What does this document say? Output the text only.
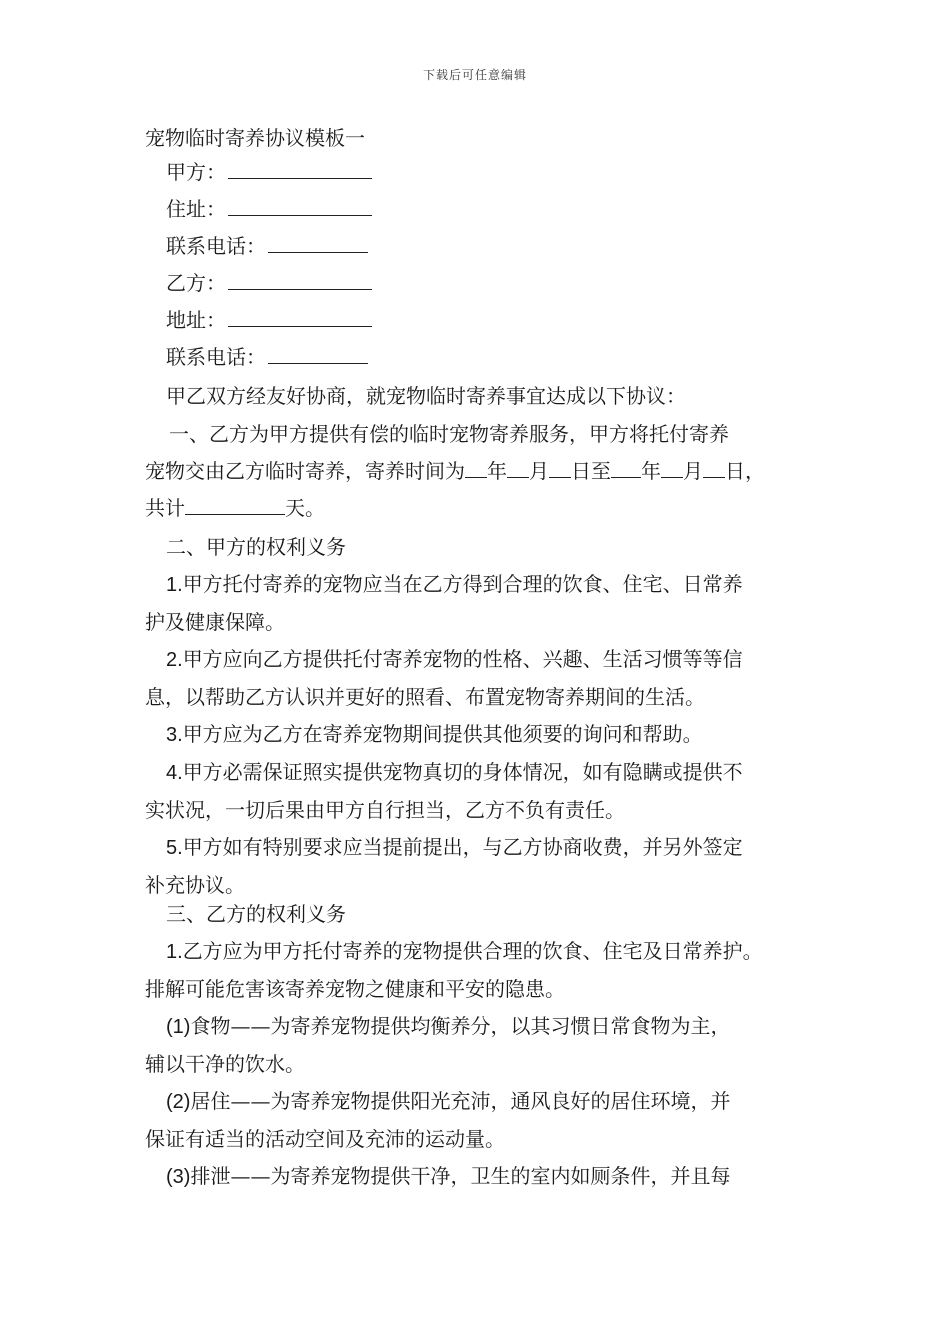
下载后可任意编辑
宠物临时寄养协议模板一
甲方：
住址：
联系电话：
乙方：
地址：
联系电话：
甲乙双方经友好协商，就宠物临时寄养事宜达成以下协议：
一、乙方为甲方提供有偿的临时宠物寄养服务，甲方将托付寄养
宠物交由乙方临时寄养，寄养时间为 年 月 日至 年 月 日，
共计	天。
二、甲方的权利义务
1.甲方托付寄养的宠物应当在乙方得到合理的饮食、住宅、日常养
护及健康保障。
2.甲方应向乙方提供托付寄养宠物的性格、兴趣、生活习惯等等信
息，以帮助乙方认识并更好的照看、布置宠物寄养期间的生活。
3.甲方应为乙方在寄养宠物期间提供其他须要的询问和帮助。
4.甲方必需保证照实提供宠物真切的身体情况，如有隐瞒或提供不
实状况，一切后果由甲方自行担当，乙方不负有责任。
5.甲方如有特别要求应当提前提出，与乙方协商收费，并另外签定
补充协议。
三、乙方的权利义务
1.乙方应为甲方托付寄养的宠物提供合理的饮食、住宅及日常养护。
排解可能危害该寄养宠物之健康和平安的隐患。
(1)食物——为寄养宠物提供均衡养分，以其习惯日常食物为主，
辅以干净的饮水。
(2)居住——为寄养宠物提供阳光充沛，通风良好的居住环境，并
保证有适当的活动空间及充沛的运动量。
(3)排泄——为寄养宠物提供干净，卫生的室内如厕条件，并且每
